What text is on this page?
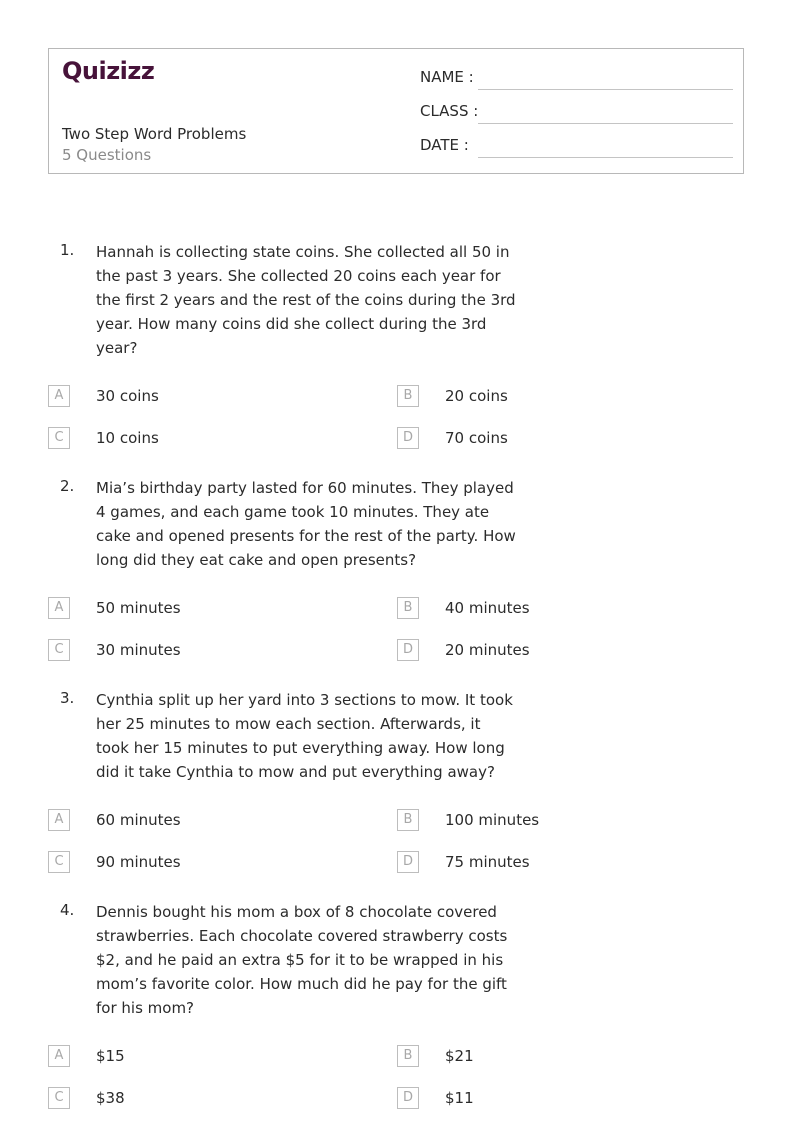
Quizizz
Two Step Word Problems
5 Questions
NAME :
CLASS :
DATE :
1. Hannah is collecting state coins. She collected all 50 in
the past 3 years. She collected 20 coins each year for
the first 2 years and the rest of the coins during the 3rd
year. How many coins did she collect during the 3rd
year?
A	30 coins	B	20 coins
C	10 coins	D	70 coins
2. Mia’s birthday party lasted for 60 minutes. They played
4 games, and each game took 10 minutes. They ate
cake and opened presents for the rest of the party. How
long did they eat cake and open presents?
A	50 minutes	B	40 minutes
C	30 minutes	D	20 minutes
3. Cynthia split up her yard into 3 sections to mow. It took
her 25 minutes to mow each section. Afterwards, it
took her 15 minutes to put everything away. How long
did it take Cynthia to mow and put everything away?
A	60 minutes	B	100 minutes
C	90 minutes	D	75 minutes
4. Dennis bought his mom a box of 8 chocolate covered
strawberries. Each chocolate covered strawberry costs
$2, and he paid an extra $5 for it to be wrapped in his
mom’s favorite color. How much did he pay for the gift
for his mom?
A	$15	B	$21
C	$38	D	$11
